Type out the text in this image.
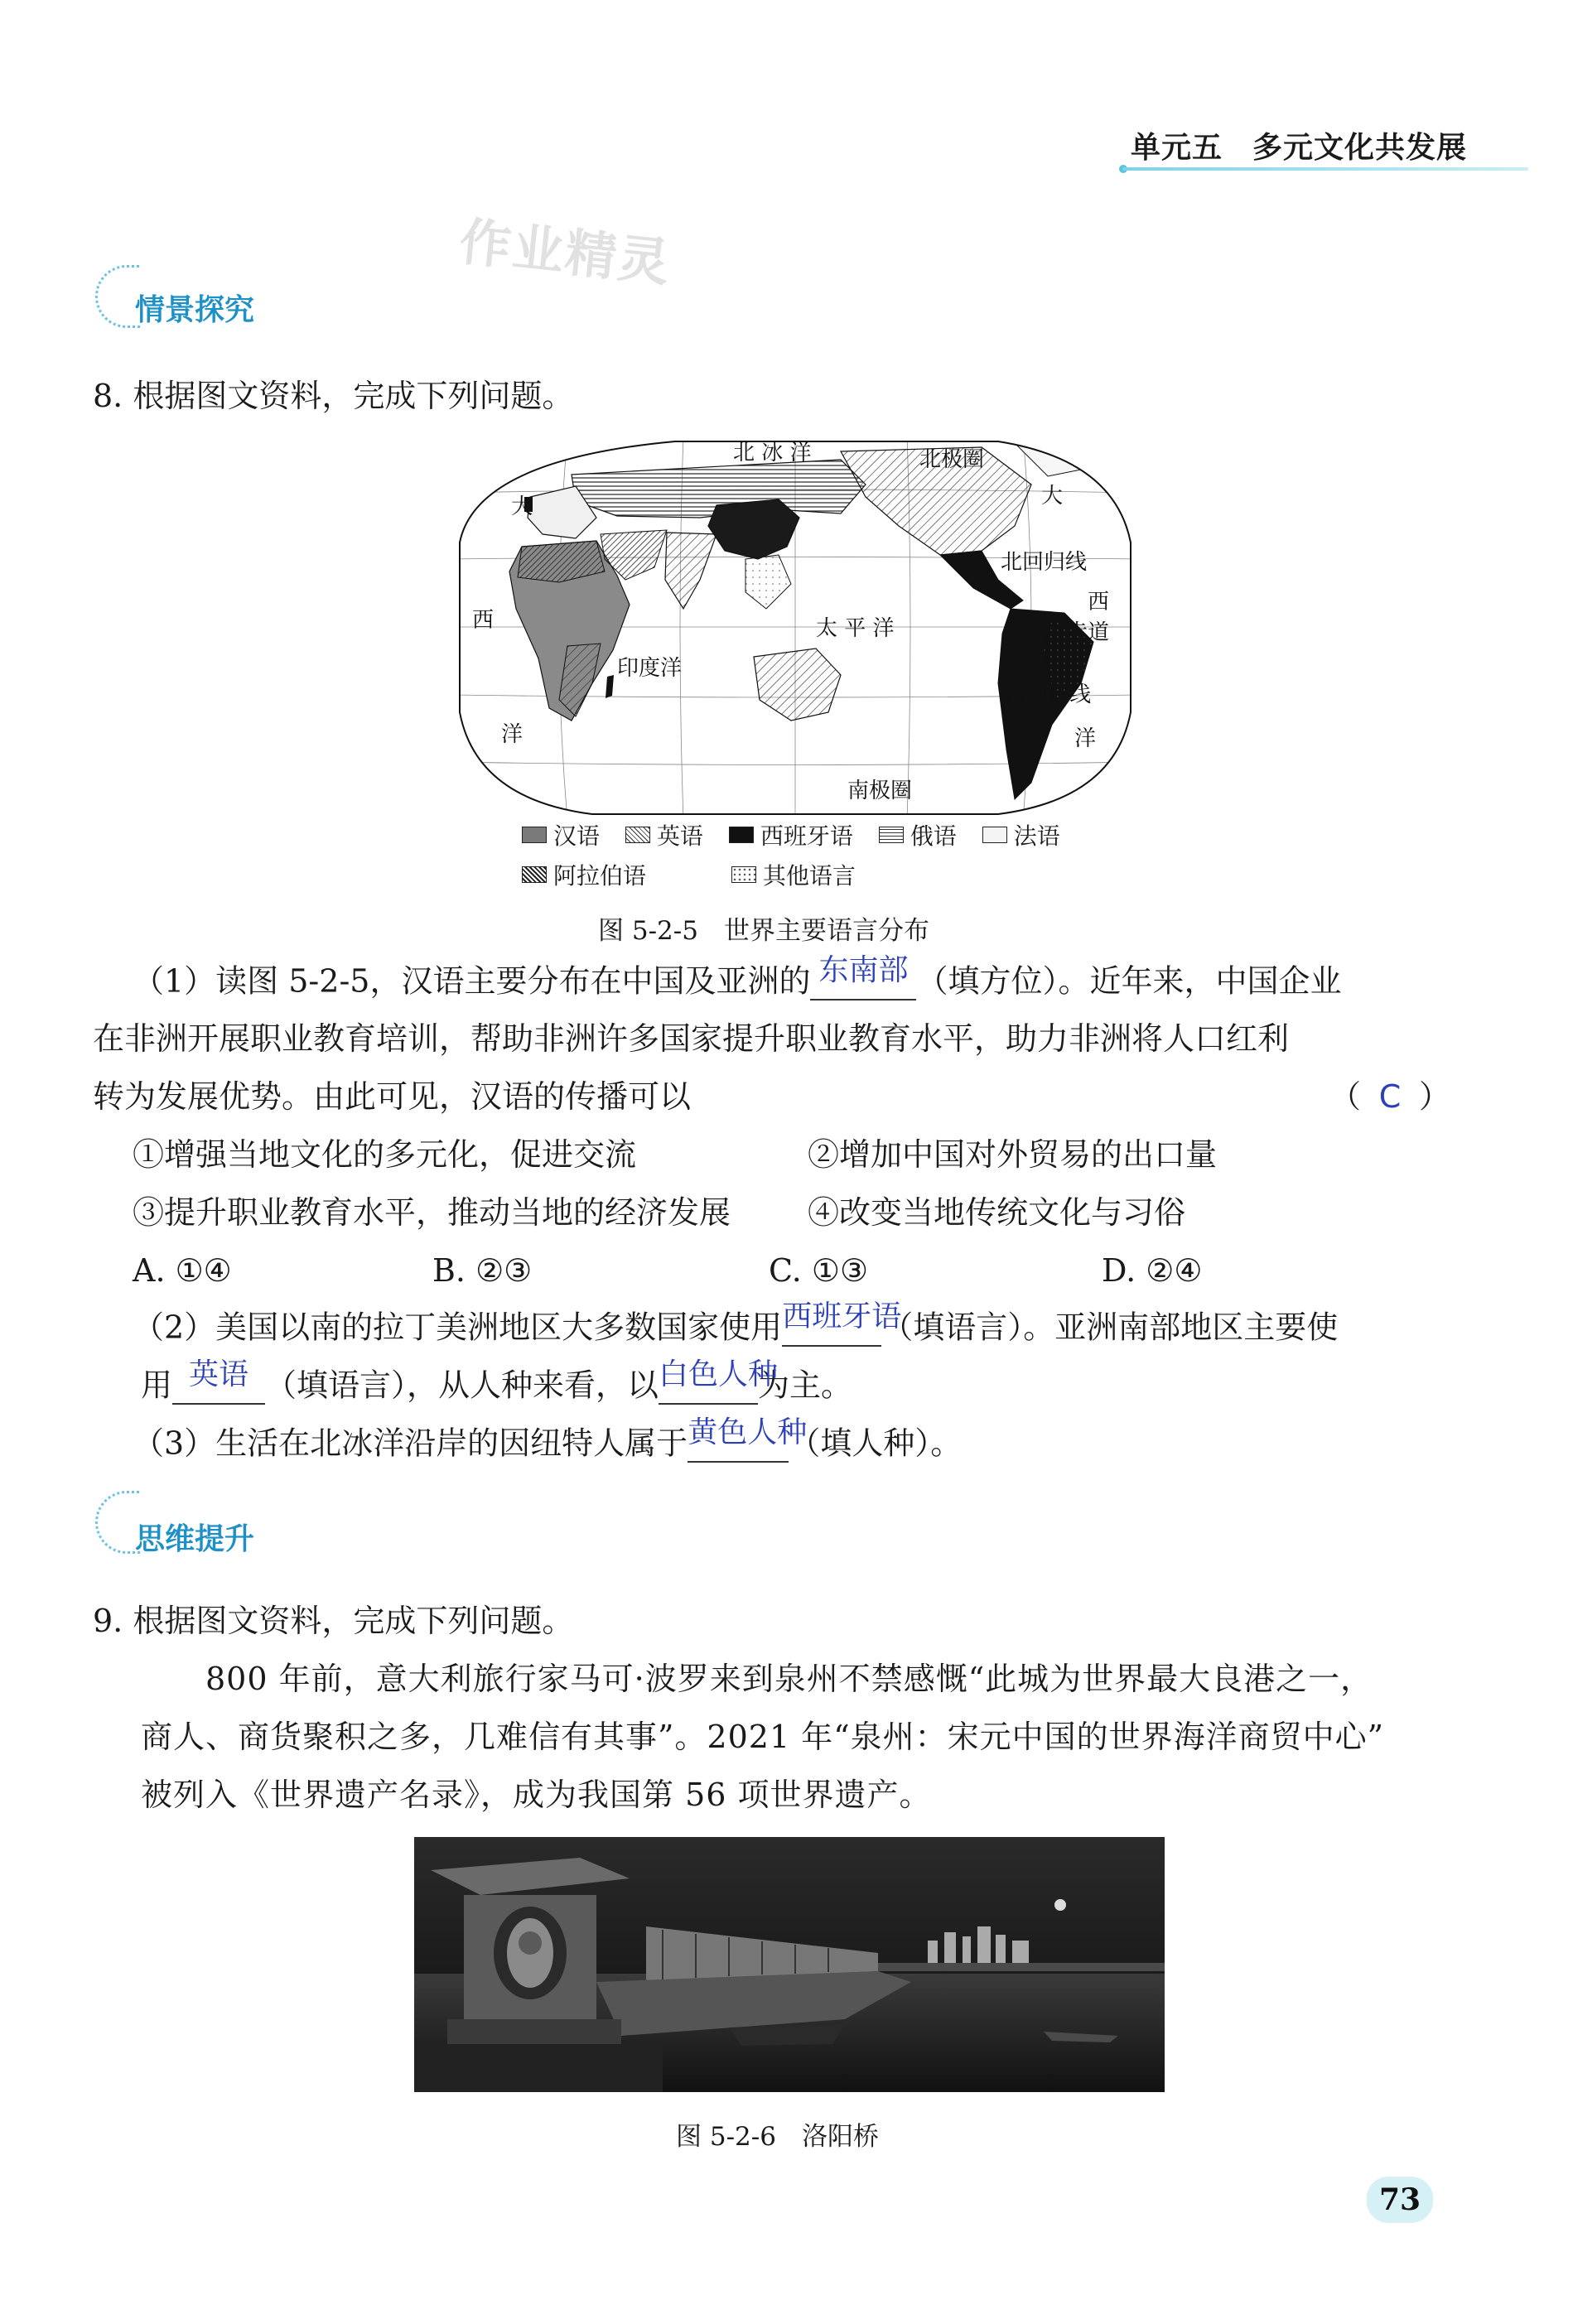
单元五 多元文化共发展
作业精灵
情景探究
8. 根据图文资料，完成下列问题。
北 冰 洋	北极圈
大
西
洋
印度洋
太 平 洋
大
北回归线
西
赤道
南回归线
洋
南极圈
汉语
英语
西班牙语
俄语
法语
阿拉伯语
	其他语言
图 5-2-5　世界主要语言分布
（1）读图 5-2-5，汉语主要分布在中国及亚洲的 东南部 （填方位）。近年来，中国企业
在非洲开展职业教育培训，帮助非洲许多国家提升职业教育水平，助力非洲将人口红利
转为发展优势。由此可见，汉语的传播可以	（ C ）
①增强当地文化的多元化，促进交流	②增加中国对外贸易的出口量
③提升职业教育水平，推动当地的经济发展 ④改变当地传统文化与习俗
A. ①④	B. ②③	C. ①③	D. ②④
（2）美国以南的拉丁美洲地区大多数国家使用 西班牙语
（填语言）。亚洲南部地区主要使
用 英语 （填语言），从人种来看，以 白色人种
为主。
（3）生活在北冰洋沿岸的因纽特人属于 黄色人种
（填人种）。
思维提升
9. 根据图文资料，完成下列问题。
800 年前，意大利旅行家马可·波罗来到泉州不禁感慨“此城为世界最大良港之一，
商人、商货聚积之多，几难信有其事”。2021 年“泉州：宋元中国的世界海洋商贸中心”
被列入《世界遗产名录》，成为我国第 56 项世界遗产。
图 5-2-6　洛阳桥
73
